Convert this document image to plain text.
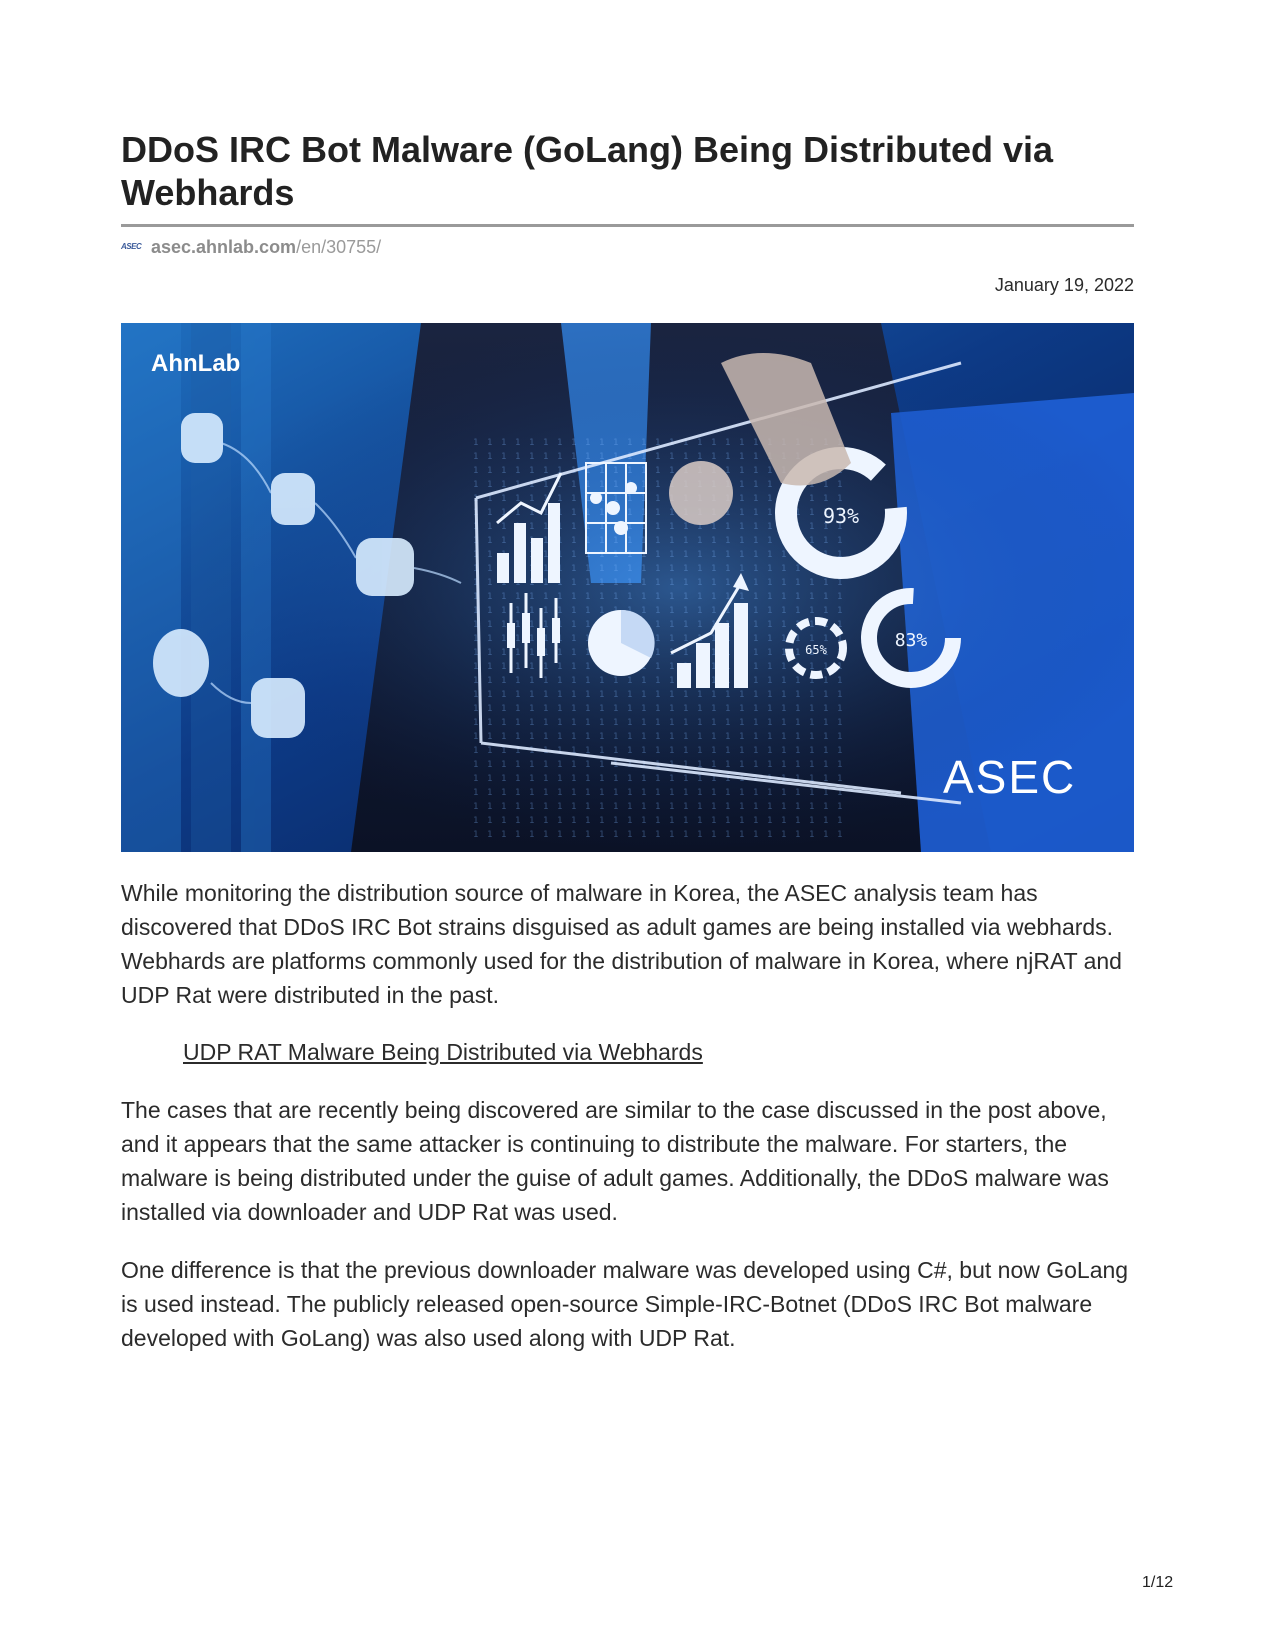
DDoS IRC Bot Malware (GoLang) Being Distributed via Webhards
ASEC asec.ahnlab.com /en/30755/
January 19, 2022
93%
83%
65%
AhnLab
ASEC

While monitoring the distribution source of malware in Korea, the ASEC analysis team has discovered that DDoS IRC Bot strains disguised as adult games are being installed via webhards. Webhards are platforms commonly used for the distribution of malware in Korea, where njRAT and UDP Rat were distributed in the past.

UDP RAT Malware Being Distributed via Webhards

The cases that are recently being discovered are similar to the case discussed in the post above, and it appears that the same attacker is continuing to distribute the malware. For starters, the malware is being distributed under the guise of adult games. Additionally, the DDoS malware was installed via downloader and UDP Rat was used.

One difference is that the previous downloader malware was developed using C#, but now GoLang is used instead. The publicly released open-source Simple-IRC-Botnet (DDoS IRC Bot malware developed with GoLang) was also used along with UDP Rat.

1/12
